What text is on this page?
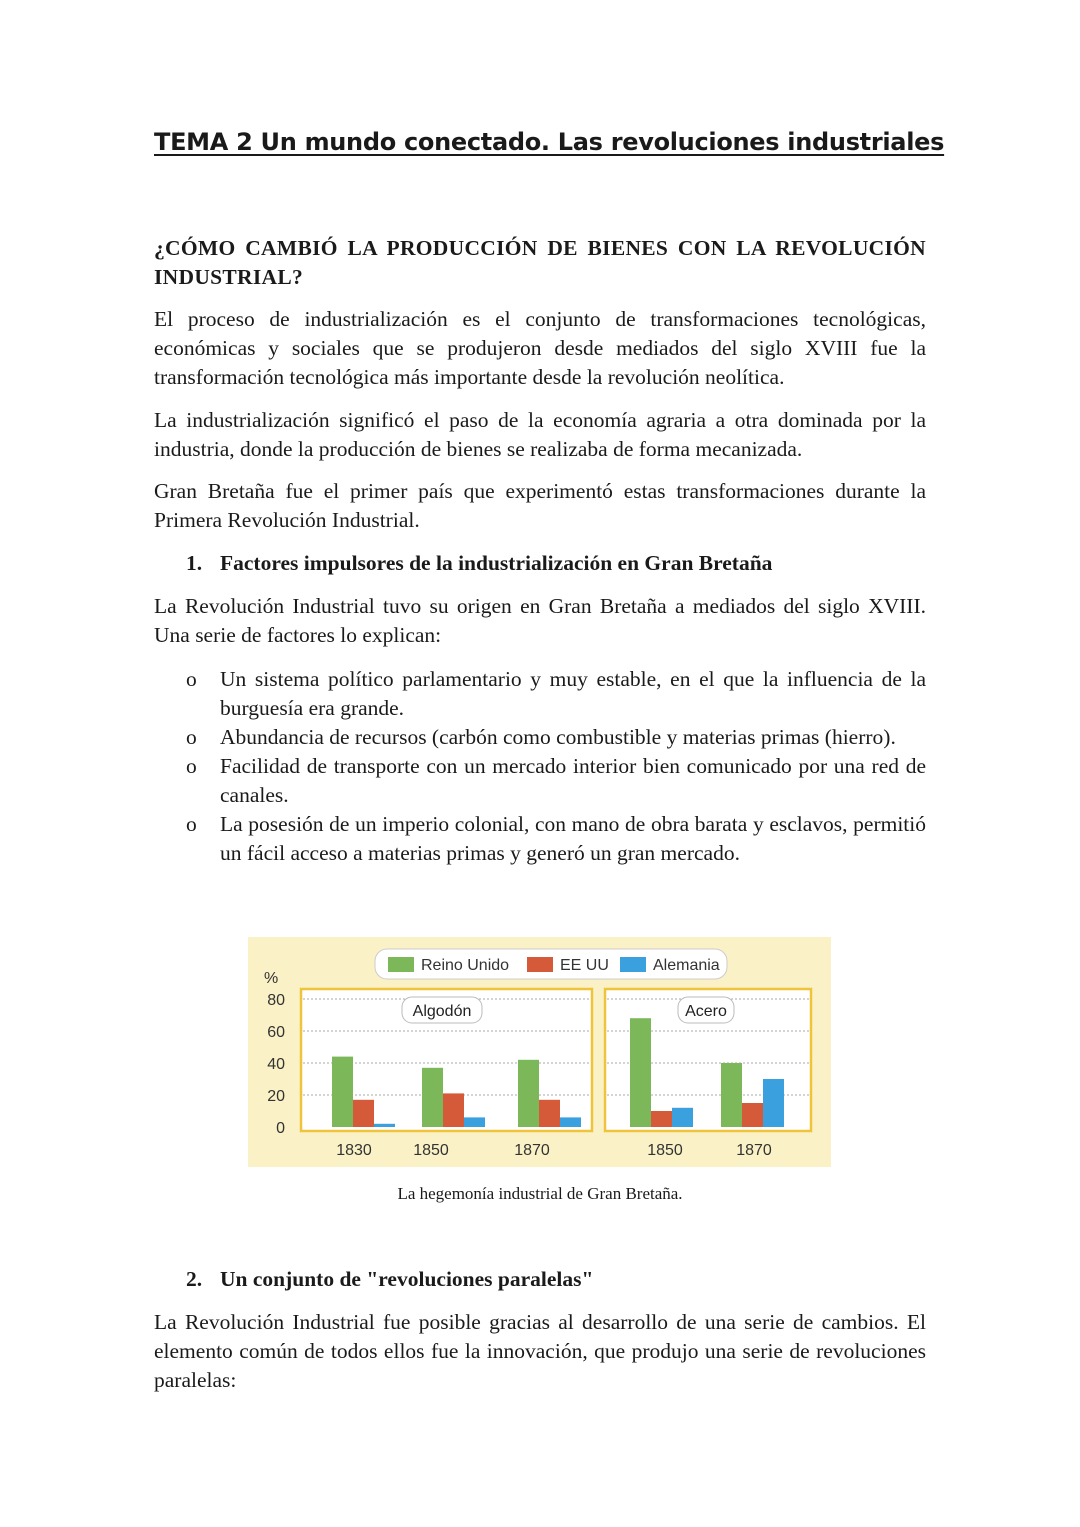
TEMA 2 Un mundo conectado. Las revoluciones industriales
¿CÓMO CAMBIÓ LA PRODUCCIÓN DE BIENES CON LA REVOLUCIÓN INDUSTRIAL?

El proceso de industrialización es el conjunto de transformaciones tecnológicas, económicas y sociales que se produjeron desde mediados del siglo XVIII fue la transformación tecnológica más importante desde la revolución neolítica.

La industrialización significó el paso de la economía agraria a otra dominada por la industria, donde la producción de bienes se realizaba de forma mecanizada.

Gran Bretaña fue el primer país que experimentó estas transformaciones durante la Primera Revolución Industrial.

1. Factores impulsores de la industrialización en Gran Bretaña

La Revolución Industrial tuvo su origen en Gran Bretaña a mediados del siglo XVIII. Una serie de factores lo explican:

o Un sistema político parlamentario y muy estable, en el que la influencia de la burguesía era grande.
o Abundancia de recursos (carbón como combustible y materias primas (hierro).
o Facilidad de transporte con un mercado interior bien comunicado por una red de canales.
o La posesión de un imperio colonial, con mano de obra barata y esclavos, permitió un fácil acceso a materias primas y generó un gran mercado.
%
0
20
40
60
80
1830	1850	1870
Algodón
1850	1870
Acero
Reino Unido	EE UU	Alemania
La hegemonía industrial de Gran Bretaña.
2. Un conjunto de "revoluciones paralelas"

La Revolución Industrial fue posible gracias al desarrollo de una serie de cambios. El elemento común de todos ellos fue la innovación, que produjo una serie de revoluciones paralelas:
